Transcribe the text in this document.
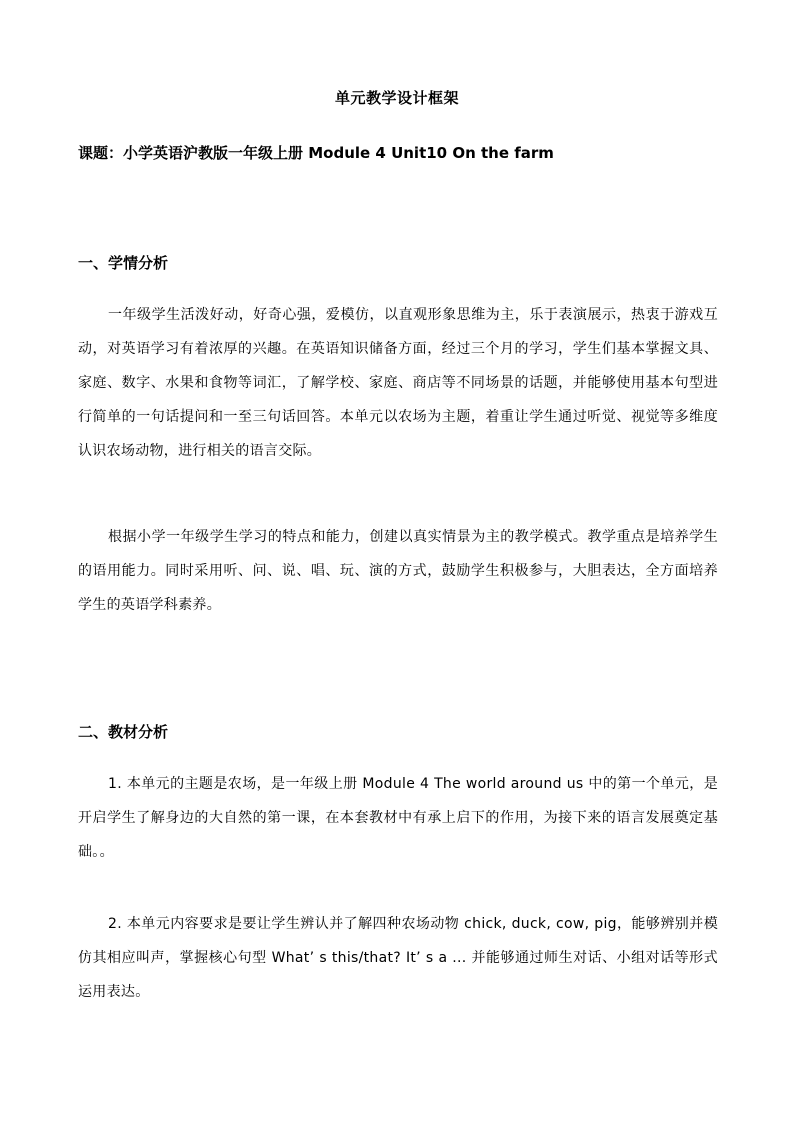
单元教学设计框架
课题：小学英语沪教版一年级上册 Module 4 Unit10 On the farm
一、学情分析

一年级学生活泼好动，好奇心强，爱模仿，以直观形象思维为主，乐于表演展示，热衷于游戏互动，对英语学习有着浓厚的兴趣。在英语知识储备方面，经过三个月的学习，学生们基本掌握文具、家庭、数字、水果和食物等词汇，了解学校、家庭、商店等不同场景的话题，并能够使用基本句型进行简单的一句话提问和一至三句话回答。本单元以农场为主题，着重让学生通过听觉、视觉等多维度认识农场动物，进行相关的语言交际。

根据小学一年级学生学习的特点和能力，创建以真实情景为主的教学模式。教学重点是培养学生的语用能力。同时采用听、问、说、唱、玩、演的方式，鼓励学生积极参与，大胆表达，全方面培养学生的英语学科素养。

二、教材分析

1. 本单元的主题是农场，是一年级上册 Module 4 The world around us 中的第一个单元，是开启学生了解身边的大自然的第一课，在本套教材中有承上启下的作用，为接下来的语言发展奠定基础。。

2. 本单元内容要求是要让学生辨认并了解四种农场动物 chick, duck, cow, pig，能够辨别并模仿其相应叫声，掌握核心句型 What’ s this/that? It’ s a ... 并能够通过师生对话、小组对话等形式运用表达。
